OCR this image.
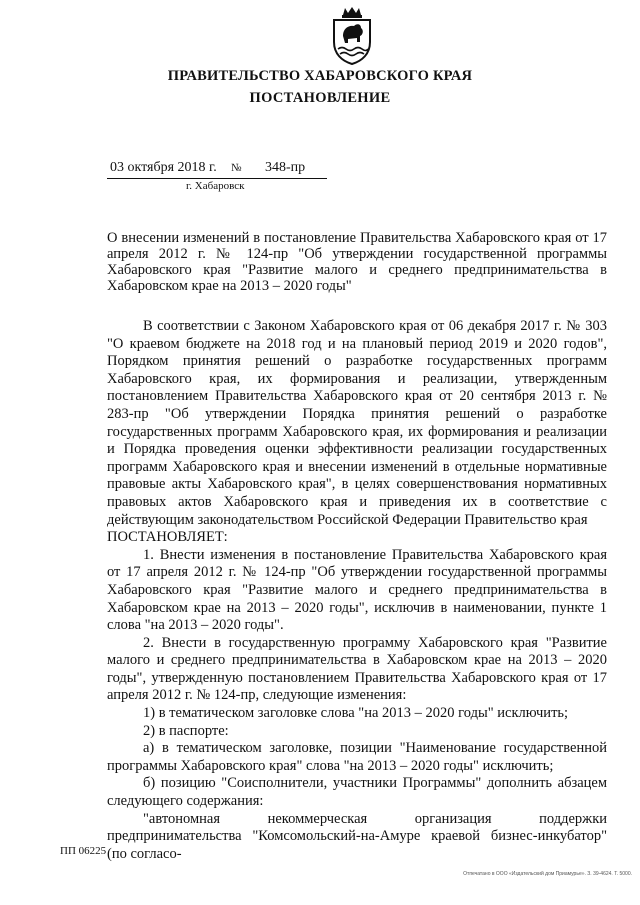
ПРАВИТЕЛЬСТВО ХАБАРОВСКОГО КРАЯ
ПОСТАНОВЛЕНИЕ
03 октября 2018 г. № 348-пр
г. Хабаровск
О внесении изменений в постановление Правительства Хабаровского края от 17 апреля 2012 г. № 124-пр "Об утверждении государственной программы Хабаровского края "Развитие малого и среднего предпринимательства в Хабаровском крае на 2013 – 2020 годы"

В соответствии с Законом Хабаровского края от 06 декабря 2017 г. № 303 "О краевом бюджете на 2018 год и на плановый период 2019 и 2020 годов", Порядком принятия решений о разработке государственных программ Хабаровского края, их формирования и реализации, утвержденным постановлением Правительства Хабаровского края от 20 сентября 2013 г. № 283-пр "Об утверждении Порядка принятия решений о разработке государственных программ Хабаровского края, их формирования и реализации и Порядка проведения оценки эффективности реализации государственных программ Хабаровского края и внесении изменений в отдельные нормативные правовые акты Хабаровского края", в целях совершенствования нормативных правовых актов Хабаровского края и приведения их в соответствие с действующим законодательством Российской Федерации Правительство края

ПОСТАНОВЛЯЕТ:

1. Внести изменения в постановление Правительства Хабаровского края от 17 апреля 2012 г. № 124-пр "Об утверждении государственной программы Хабаровского края "Развитие малого и среднего предпринимательства в Хабаровском крае на 2013 – 2020 годы", исключив в наименовании, пункте 1 слова "на 2013 – 2020 годы".

2. Внести в государственную программу Хабаровского края "Развитие малого и среднего предпринимательства в Хабаровском крае на 2013 – 2020 годы", утвержденную постановлением Правительства Хабаровского края от 17 апреля 2012 г. № 124-пр, следующие изменения:

1) в тематическом заголовке слова "на 2013 – 2020 годы" исключить;

2) в паспорте:

а) в тематическом заголовке, позиции "Наименование государственной программы Хабаровского края" слова "на 2013 – 2020 годы" исключить;

б) позицию "Соисполнители, участники Программы" дополнить абзацем следующего содержания:

"автономная некоммерческая организация поддержки предпринимательства "Комсомольский-на-Амуре краевой бизнес-инкубатор" (по согласо-

ПП 06225
Отпечатано в ООО «Издательский дом Приамурье». З. 39-4624. Т. 5000.
